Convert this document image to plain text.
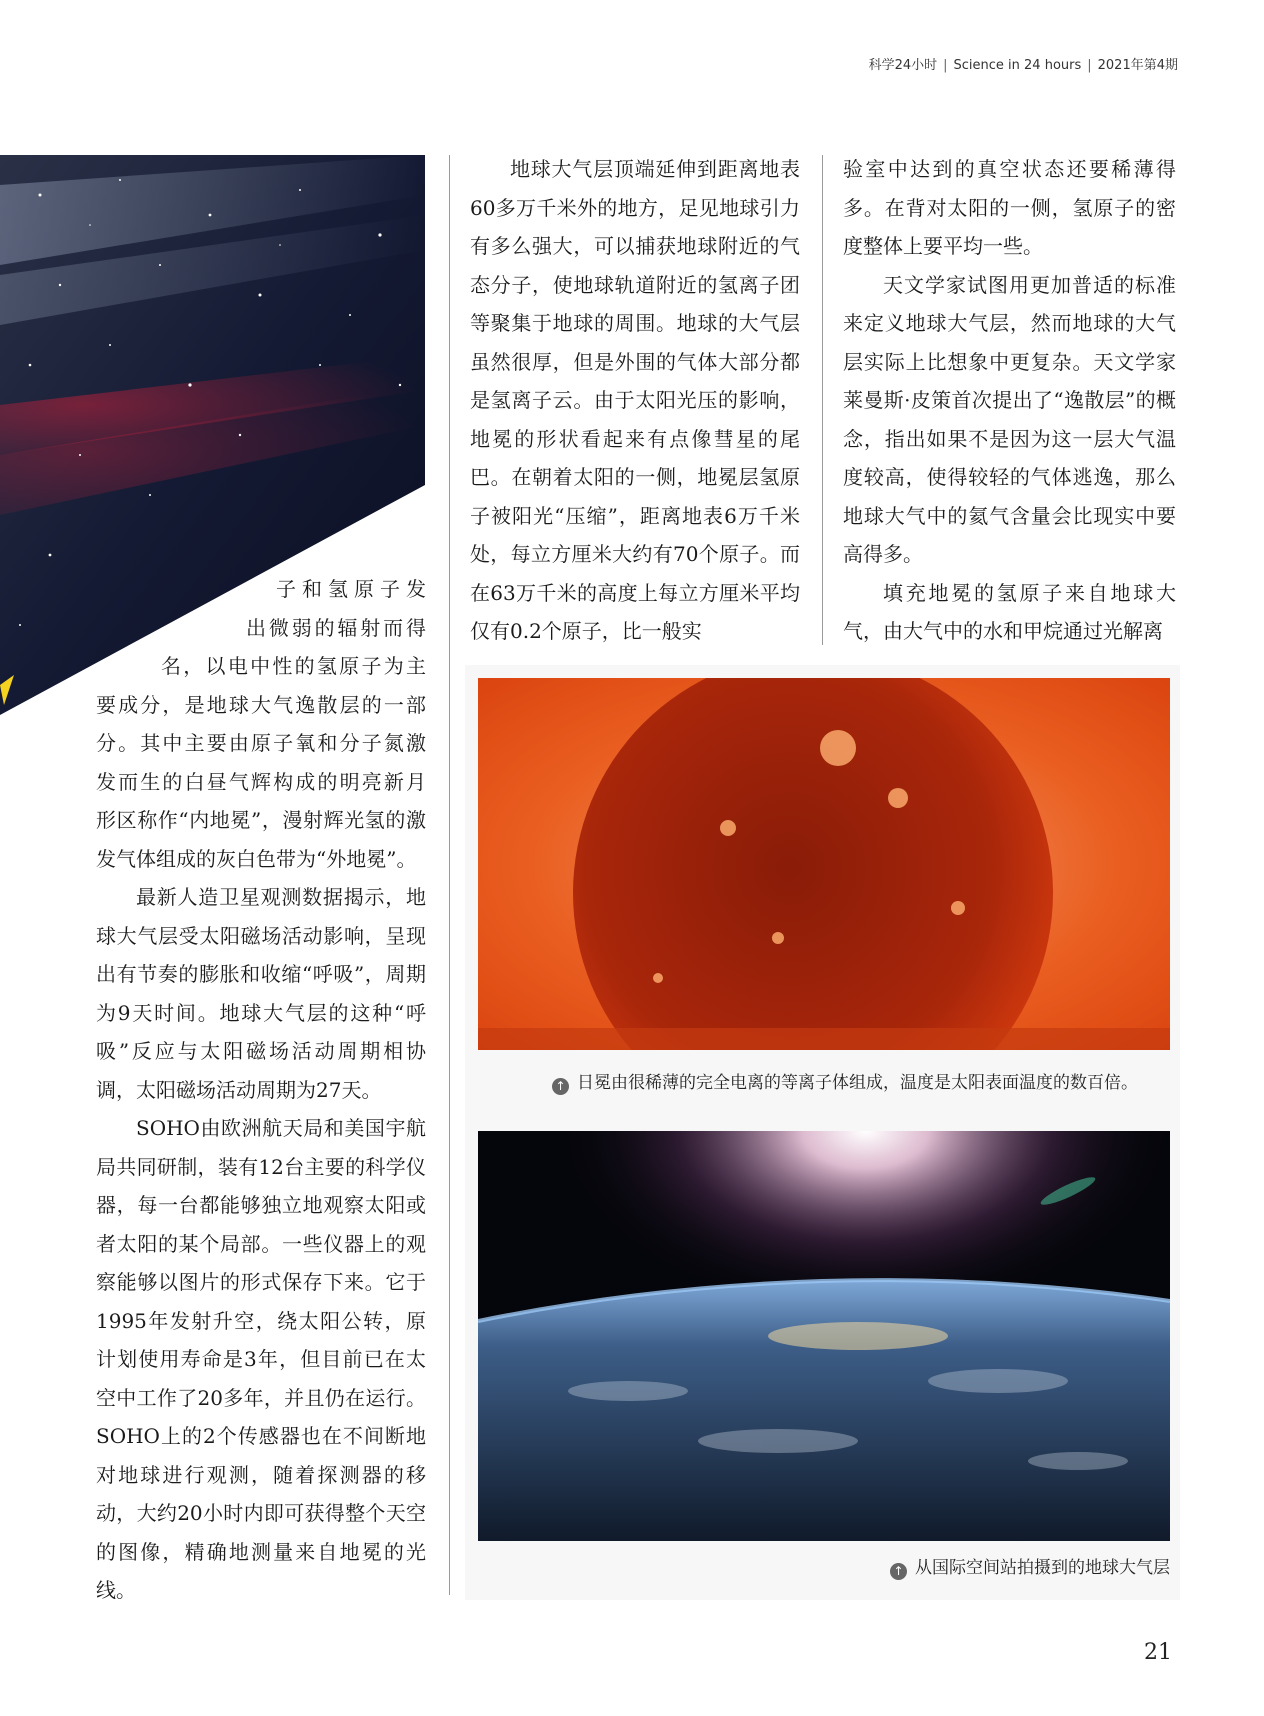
科学24小时 | Science in 24 hours | 2021年第4期

子和氢原子发
出微弱的辐射而得
名，以电中性的氢原子为主
要成分，是地球大气逸散层的一部
分。其中主要由原子氧和分子氮激
发而生的白昼气辉构成的明亮新月
形区称作“内地冕”，漫射辉光氢的激
发气体组成的灰白色带为“外地冕”。

最新人造卫星观测数据揭示，地球大气层受太阳磁场活动影响，呈现出有节奏的膨胀和收缩“呼吸”，周期为9天时间。地球大气层的这种“呼吸”反应与太阳磁场活动周期相协调，太阳磁场活动周期为27天。

SOHO由欧洲航天局和美国宇航局共同研制，装有12台主要的科学仪器，每一台都能够独立地观察太阳或者太阳的某个局部。一些仪器上的观察能够以图片的形式保存下来。它于1995年发射升空，绕太阳公转，原计划使用寿命是3年，但目前已在太空中工作了20多年，并且仍在运行。SOHO上的2个传感器也在不间断地对地球进行观测，随着探测器的移动，大约20小时内即可获得整个天空的图像，精确地测量来自地冕的光线。

地球大气层顶端延伸到距离地表60多万千米外的地方，足见地球引力有多么强大，可以捕获地球附近的气态分子，使地球轨道附近的氢离子团等聚集于地球的周围。地球的大气层虽然很厚，但是外围的气体大部分都是氢离子云。由于太阳光压的影响，地冕的形状看起来有点像彗星的尾巴。在朝着太阳的一侧，地冕层氢原子被阳光“压缩”，距离地表6万千米处，每立方厘米大约有70个原子。而在63万千米的高度上每立方厘米平均仅有0.2个原子，比一般实

验室中达到的真空状态还要稀薄得多。在背对太阳的一侧，氢原子的密度整体上要平均一些。

天文学家试图用更加普适的标准来定义地球大气层，然而地球的大气层实际上比想象中更复杂。天文学家莱曼斯·皮策首次提出了“逸散层”的概念，指出如果不是因为这一层大气温度较高，使得较轻的气体逃逸，那么地球大气中的氦气含量会比现实中要高得多。

填充地冕的氢原子来自地球大气，由大气中的水和甲烷通过光解离

↑ 日冕由很稀薄的完全电离的等离子体组成，温度是太阳表面温度的数百倍。
↑ 从国际空间站拍摄到的地球大气层
21
